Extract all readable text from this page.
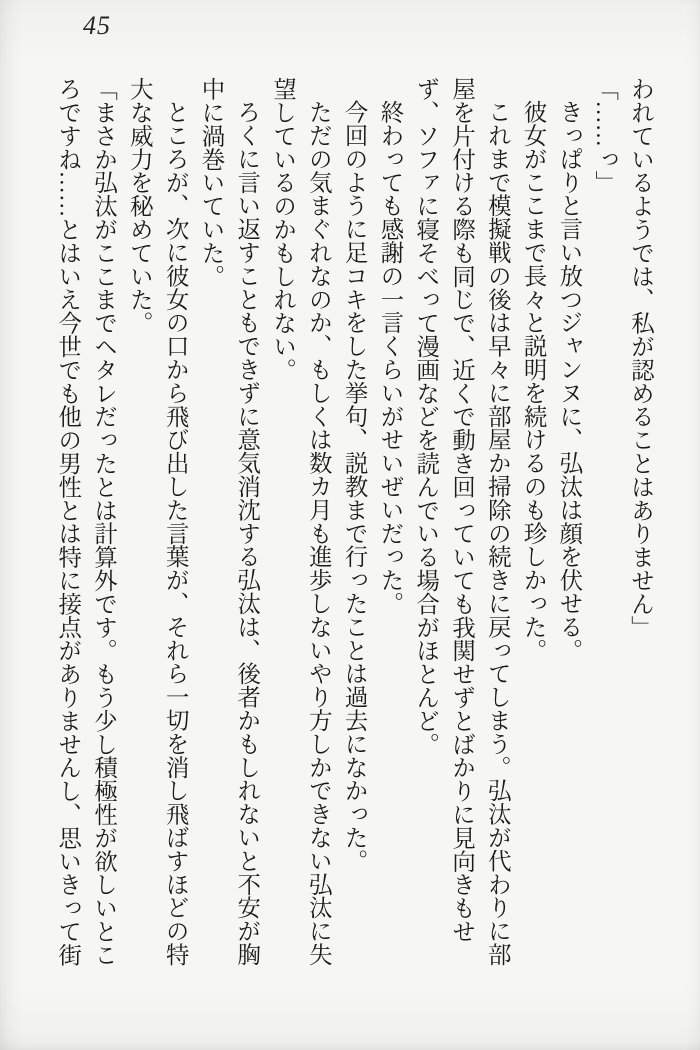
45

われているようでは、私が認めることはありません」

「……っ」

きっぱりと言い放つジャンヌに、弘汰は顔を伏せる。

彼女がここまで長々と説明を続けるのも珍しかった。

これまで模擬戦の後は早々に部屋か掃除の続きに戻ってしまう。弘汰が代わりに部屋を片付ける際も同じで、近くで動き回っていても我関せずとばかりに見向きもせず、ソファに寝そべって漫画などを読んでいる場合がほとんど。

終わっても感謝の一言くらいがせいぜいだった。

今回のように足コキをした挙句、説教まで行ったことは過去になかった。

ただの気まぐれなのか、もしくは数カ月も進歩しないやり方しかできない弘汰に失望しているのかもしれない。

ろくに言い返すこともできずに意気消沈する弘汰は、後者かもしれないと不安が胸中に渦巻いていた。

ところが、次に彼女の口から飛び出した言葉が、それら一切を消し飛ばすほどの特大な威力を秘めていた。

「まさか弘汰がここまでヘタレだったとは計算外です。もう少し積極性が欲しいところですね……とはいえ今世でも他の男性とは特に接点がありませんし、思いきって街
